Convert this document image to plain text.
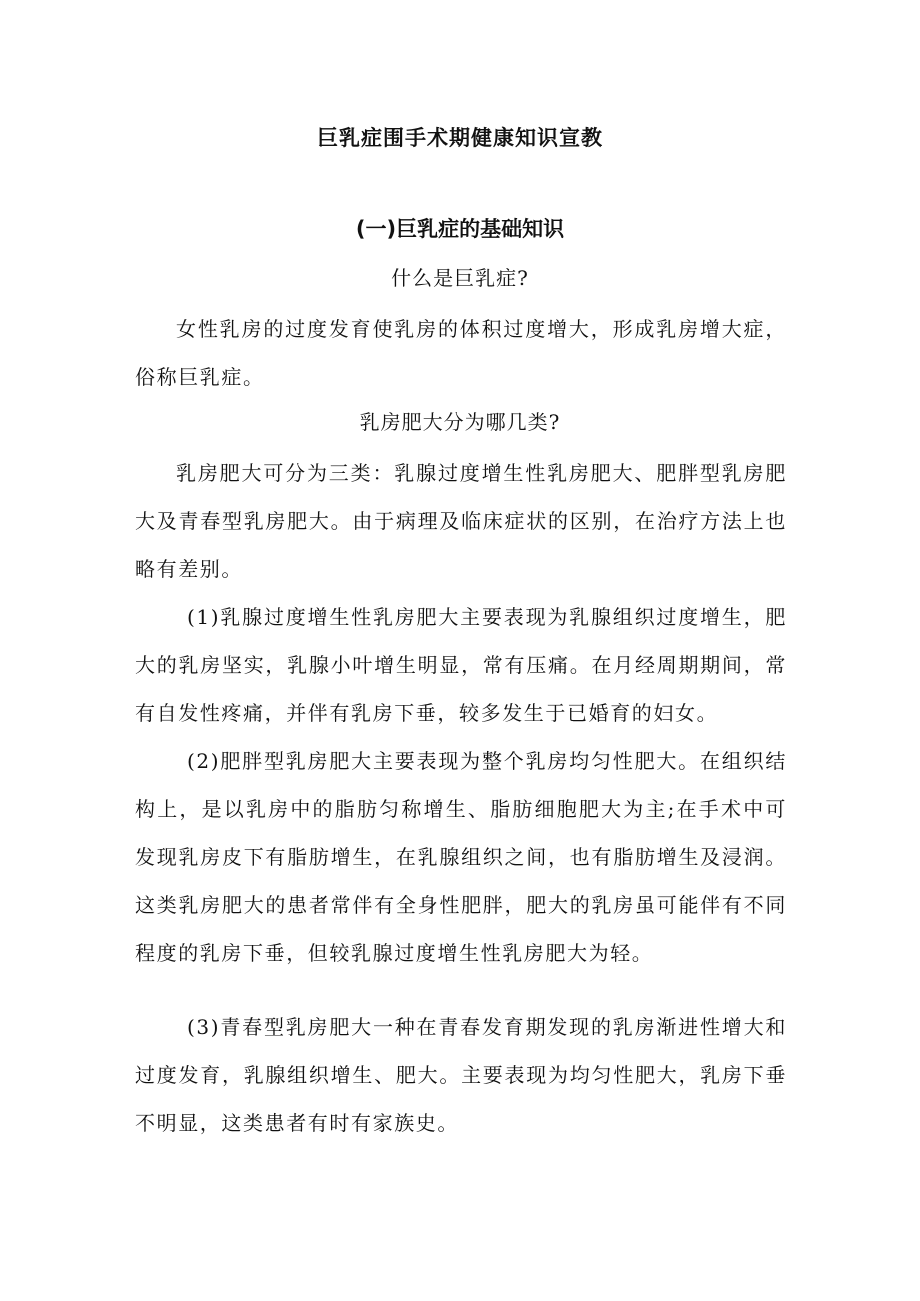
巨乳症围手术期健康知识宣教
(一)巨乳症的基础知识
什么是巨乳症?

女性乳房的过度发育使乳房的体积过度增大，形成乳房增大症，俗称巨乳症。

乳房肥大分为哪几类?

乳房肥大可分为三类：乳腺过度增生性乳房肥大、肥胖型乳房肥大及青春型乳房肥大。由于病理及临床症状的区别，在治疗方法上也略有差别。

(1)乳腺过度增生性乳房肥大主要表现为乳腺组织过度增生，肥大的乳房坚实，乳腺小叶增生明显，常有压痛。在月经周期期间，常有自发性疼痛，并伴有乳房下垂，较多发生于已婚育的妇女。

(2)肥胖型乳房肥大主要表现为整个乳房均匀性肥大。在组织结构上，是以乳房中的脂肪匀称增生、脂肪细胞肥大为主;在手术中可发现乳房皮下有脂肪增生，在乳腺组织之间，也有脂肪增生及浸润。这类乳房肥大的患者常伴有全身性肥胖，肥大的乳房虽可能伴有不同程度的乳房下垂，但较乳腺过度增生性乳房肥大为轻。

(3)青春型乳房肥大一种在青春发育期发现的乳房渐进性增大和过度发育，乳腺组织增生、肥大。主要表现为均匀性肥大，乳房下垂不明显，这类患者有时有家族史。
